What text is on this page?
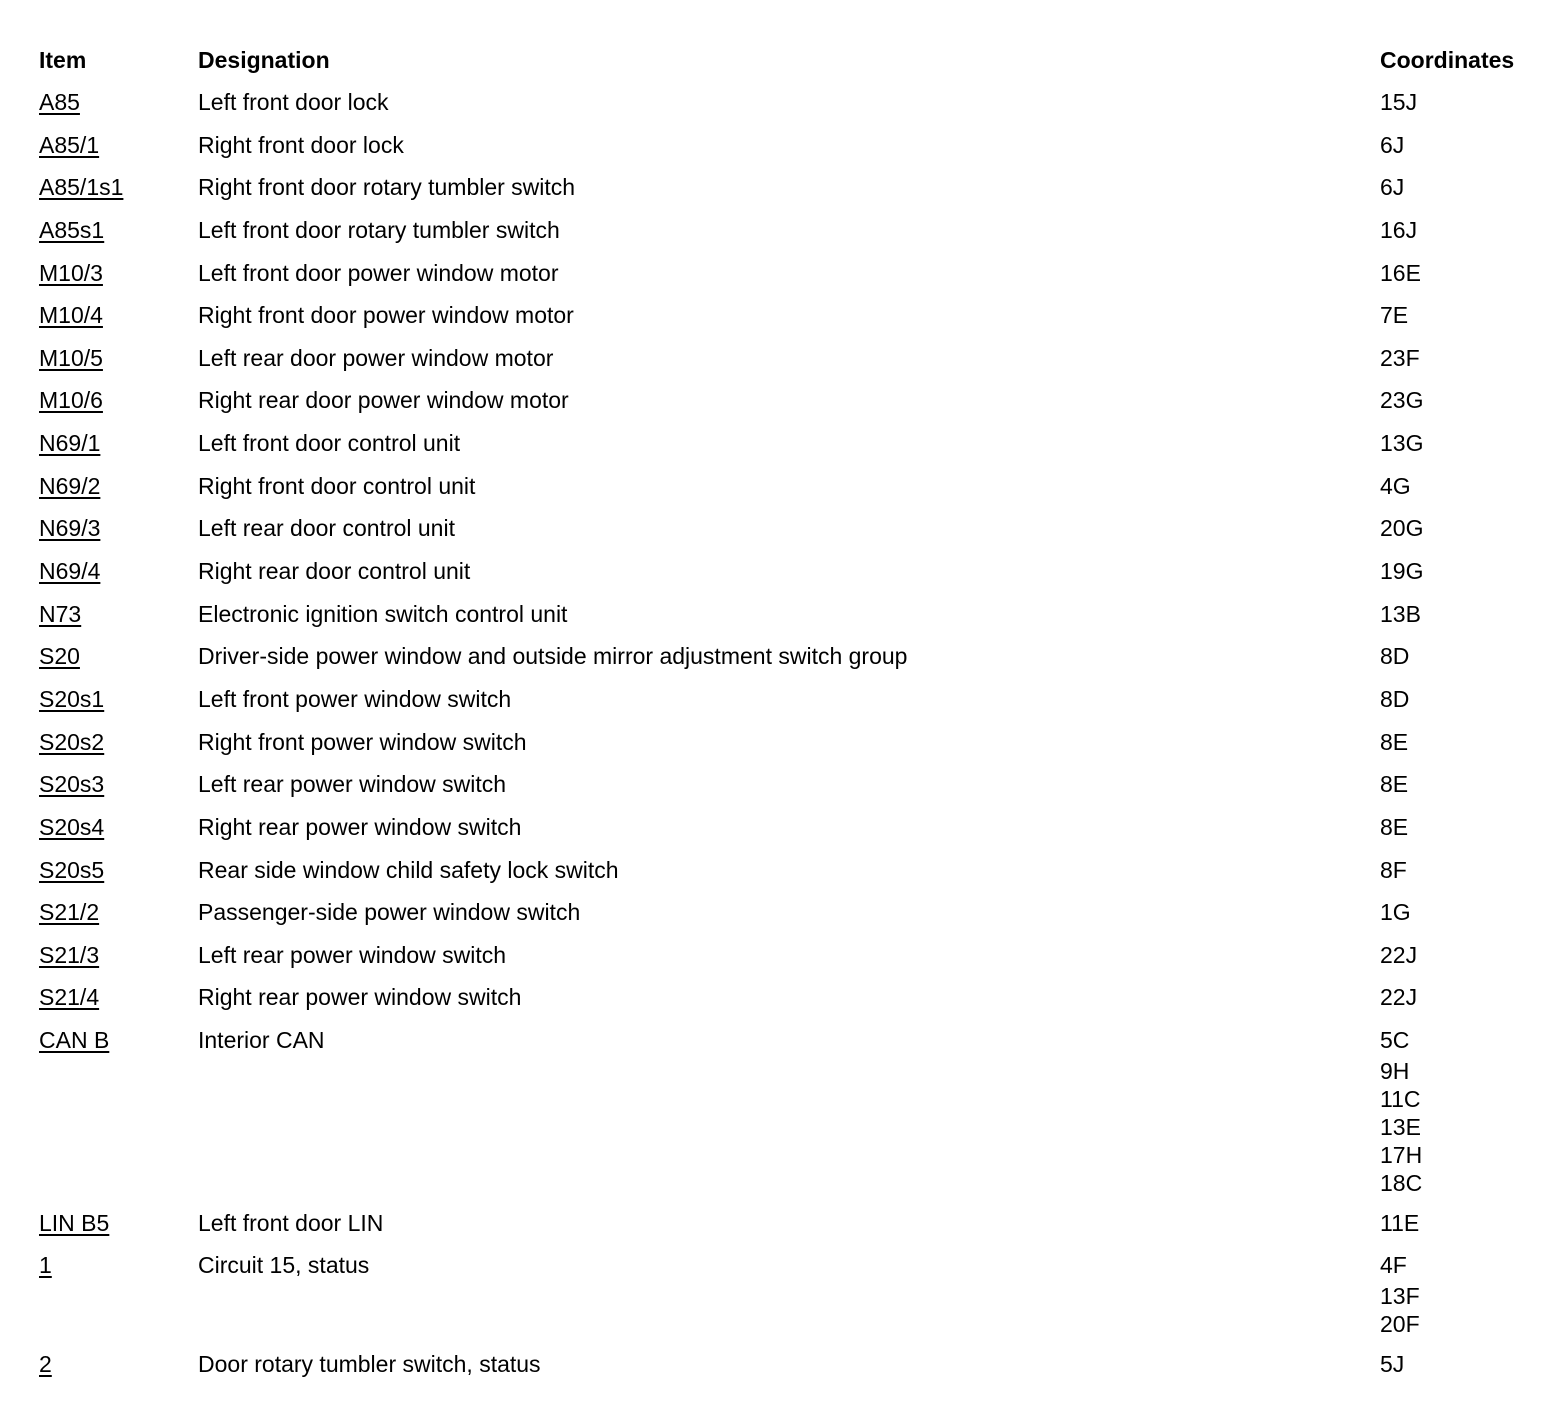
Item	Designation	Coordinates
A85	Left front door lock	15J
A85/1	Right front door lock	6J
A85/1s1	Right front door rotary tumbler switch	6J
A85s1	Left front door rotary tumbler switch	16J
M10/3	Left front door power window motor	16E
M10/4	Right front door power window motor	7E
M10/5	Left rear door power window motor	23F
M10/6	Right rear door power window motor	23G
N69/1	Left front door control unit	13G
N69/2	Right front door control unit	4G
N69/3	Left rear door control unit	20G
N69/4	Right rear door control unit	19G
N73	Electronic ignition switch control unit	13B
S20	Driver-side power window and outside mirror adjustment switch group	8D
S20s1	Left front power window switch	8D
S20s2	Right front power window switch	8E
S20s3	Left rear power window switch	8E
S20s4	Right rear power window switch	8E
S20s5	Rear side window child safety lock switch	8F
S21/2	Passenger-side power window switch	1G
S21/3	Left rear power window switch	22J
S21/4	Right rear power window switch	22J
CAN B	Interior CAN	5C
9H
11C
13E
17H
18C
LIN B5	Left front door LIN	11E
1	Circuit 15, status	4F
13F
20F
2	Door rotary tumbler switch, status	5J
